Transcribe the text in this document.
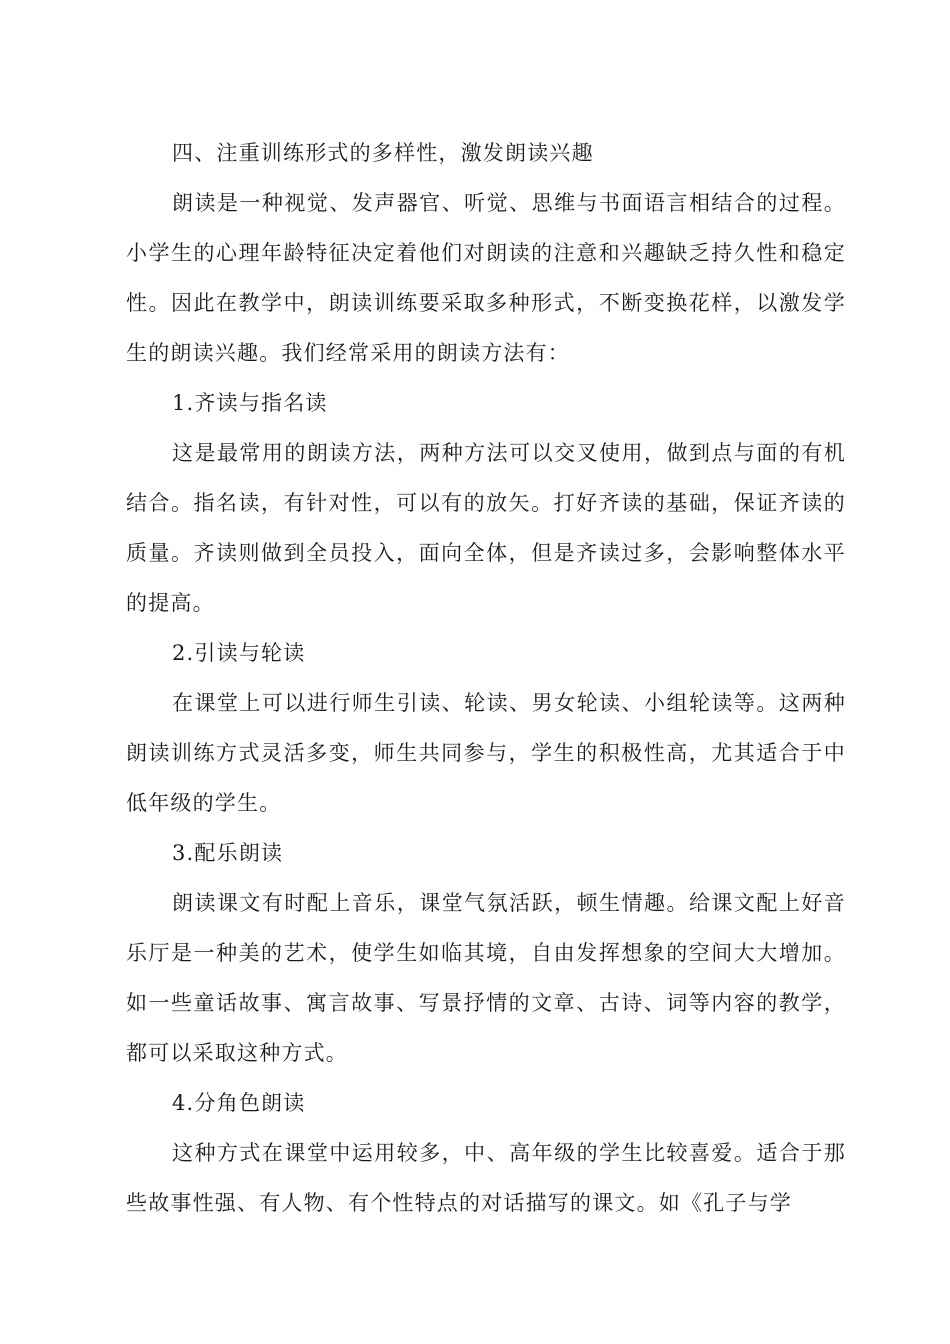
四、注重训练形式的多样性，激发朗读兴趣

朗读是一种视觉、发声器官、听觉、思维与书面语言相结合的过程。小学生的心理年龄特征决定着他们对朗读的注意和兴趣缺乏持久性和稳定性。因此在教学中，朗读训练要采取多种形式，不断变换花样，以激发学生的朗读兴趣。我们经常采用的朗读方法有：

1.齐读与指名读

这是最常用的朗读方法，两种方法可以交叉使用，做到点与面的有机结合。指名读，有针对性，可以有的放矢。打好齐读的基础，保证齐读的质量。齐读则做到全员投入，面向全体，但是齐读过多，会影响整体水平的提高。

2.引读与轮读

在课堂上可以进行师生引读、轮读、男女轮读、小组轮读等。这两种朗读训练方式灵活多变，师生共同参与，学生的积极性高，尤其适合于中低年级的学生。

3.配乐朗读

朗读课文有时配上音乐，课堂气氛活跃，顿生情趣。给课文配上好音乐厅是一种美的艺术，使学生如临其境，自由发挥想象的空间大大增加。如一些童话故事、寓言故事、写景抒情的文章、古诗、词等内容的教学，都可以采取这种方式。

4.分角色朗读

这种方式在课堂中运用较多，中、高年级的学生比较喜爱。适合于那些故事性强、有人物、有个性特点的对话描写的课文。如《孔子与学
